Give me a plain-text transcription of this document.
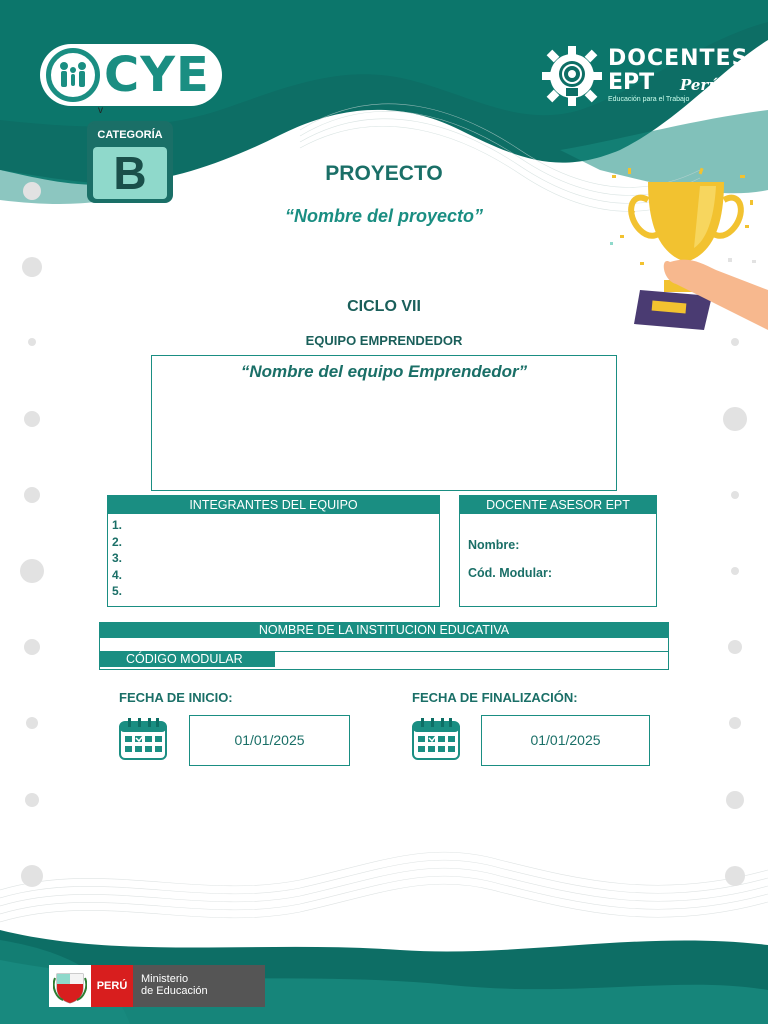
CYE
v
CATEGORÍA
B
DOCENTES
EPT Perú
Educación para el Trabajo
PROYECTO
“Nombre del proyecto”
CICLO VII
EQUIPO EMPRENDEDOR
“Nombre del equipo Emprendedor”
INTEGRANTES DEL EQUIPO
1.
2.
3.
4.
5.
DOCENTE ASESOR EPT
Nombre:
Cód. Modular:
NOMBRE DE LA INSTITUCION EDUCATIVA
CÓDIGO MODULAR
FECHA DE INICIO:	FECHA DE FINALIZACIÓN:
01/01/2025	01/01/2025
PERÚ
Ministerio
de Educación
